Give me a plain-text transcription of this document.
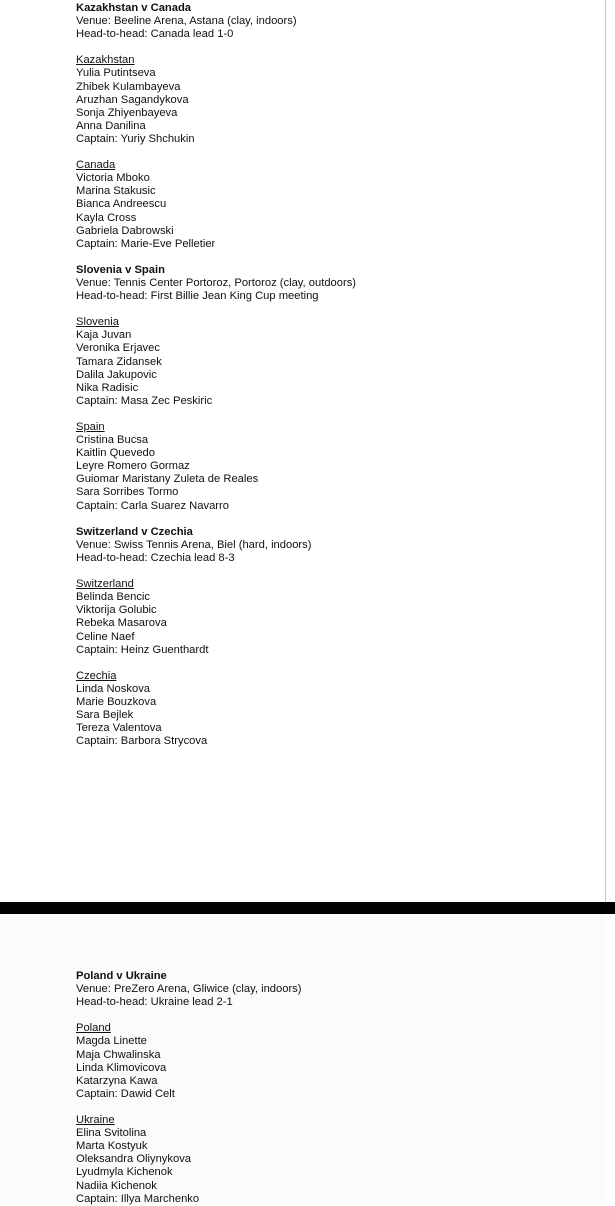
Kazakhstan v Canada
Venue: Beeline Arena, Astana (clay, indoors)
Head-to-head: Canada lead 1-0
Kazakhstan
Yulia Putintseva
Zhibek Kulambayeva
Aruzhan Sagandykova
Sonja Zhiyenbayeva
Anna Danilina
Captain: Yuriy Shchukin
Canada
Victoria Mboko
Marina Stakusic
Bianca Andreescu
Kayla Cross
Gabriela Dabrowski
Captain: Marie-Eve Pelletier
Slovenia v Spain
Venue: Tennis Center Portoroz, Portoroz (clay, outdoors)
Head-to-head: First Billie Jean King Cup meeting
Slovenia
Kaja Juvan
Veronika Erjavec
Tamara Zidansek
Dalila Jakupovic
Nika Radisic
Captain: Masa Zec Peskiric
Spain
Cristina Bucsa
Kaitlin Quevedo
Leyre Romero Gormaz
Guiomar Maristany Zuleta de Reales
Sara Sorribes Tormo
Captain: Carla Suarez Navarro
Switzerland v Czechia
Venue: Swiss Tennis Arena, Biel (hard, indoors)
Head-to-head: Czechia lead 8-3
Switzerland
Belinda Bencic
Viktorija Golubic
Rebeka Masarova
Celine Naef
Captain: Heinz Guenthardt
Czechia
Linda Noskova
Marie Bouzkova
Sara Bejlek
Tereza Valentova
Captain: Barbora Strycova
Poland v Ukraine
Venue: PreZero Arena, Gliwice (clay, indoors)
Head-to-head: Ukraine lead 2-1
Poland
Magda Linette
Maja Chwalinska
Linda Klimovicova
Katarzyna Kawa
Captain: Dawid Celt
Ukraine
Elina Svitolina
Marta Kostyuk
Oleksandra Oliynykova
Lyudmyla Kichenok
Nadiia Kichenok
Captain: Illya Marchenko
